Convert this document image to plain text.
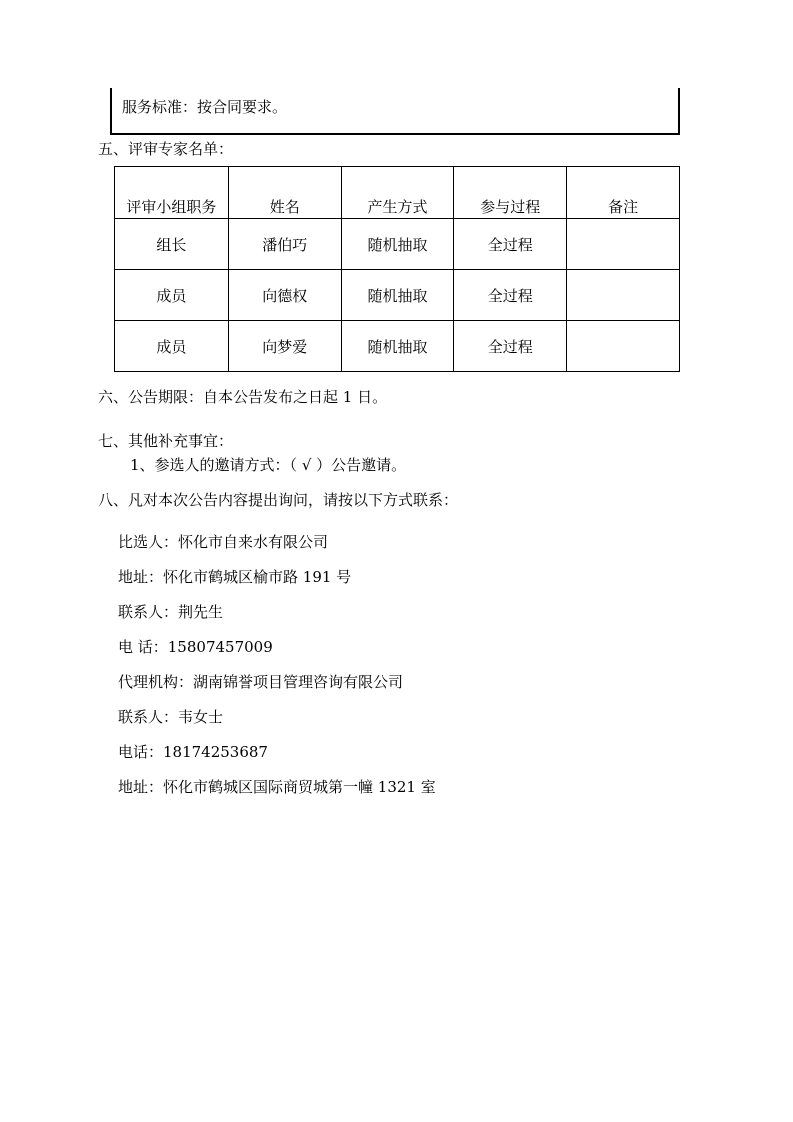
服务标准：按合同要求。
五、评审专家名单：
评审小组职务	姓名	产生方式	参与过程	备注
组长	潘伯巧	随机抽取	全过程	
成员	向德权	随机抽取	全过程	
成员	向梦爱	随机抽取	全过程	
六、公告期限：自本公告发布之日起 1 日。
七、其他补充事宜：
1、参选人的邀请方式：（ √ ）公告邀请。
八、凡对本次公告内容提出询问，请按以下方式联系：
比选人：怀化市自来水有限公司
地址：怀化市鹤城区榆市路 191 号
联系人：荆先生
电 话：15807457009
代理机构：湖南锦誉项目管理咨询有限公司
联系人：韦女士
电话：18174253687
地址：怀化市鹤城区国际商贸城第一幢 1321 室
